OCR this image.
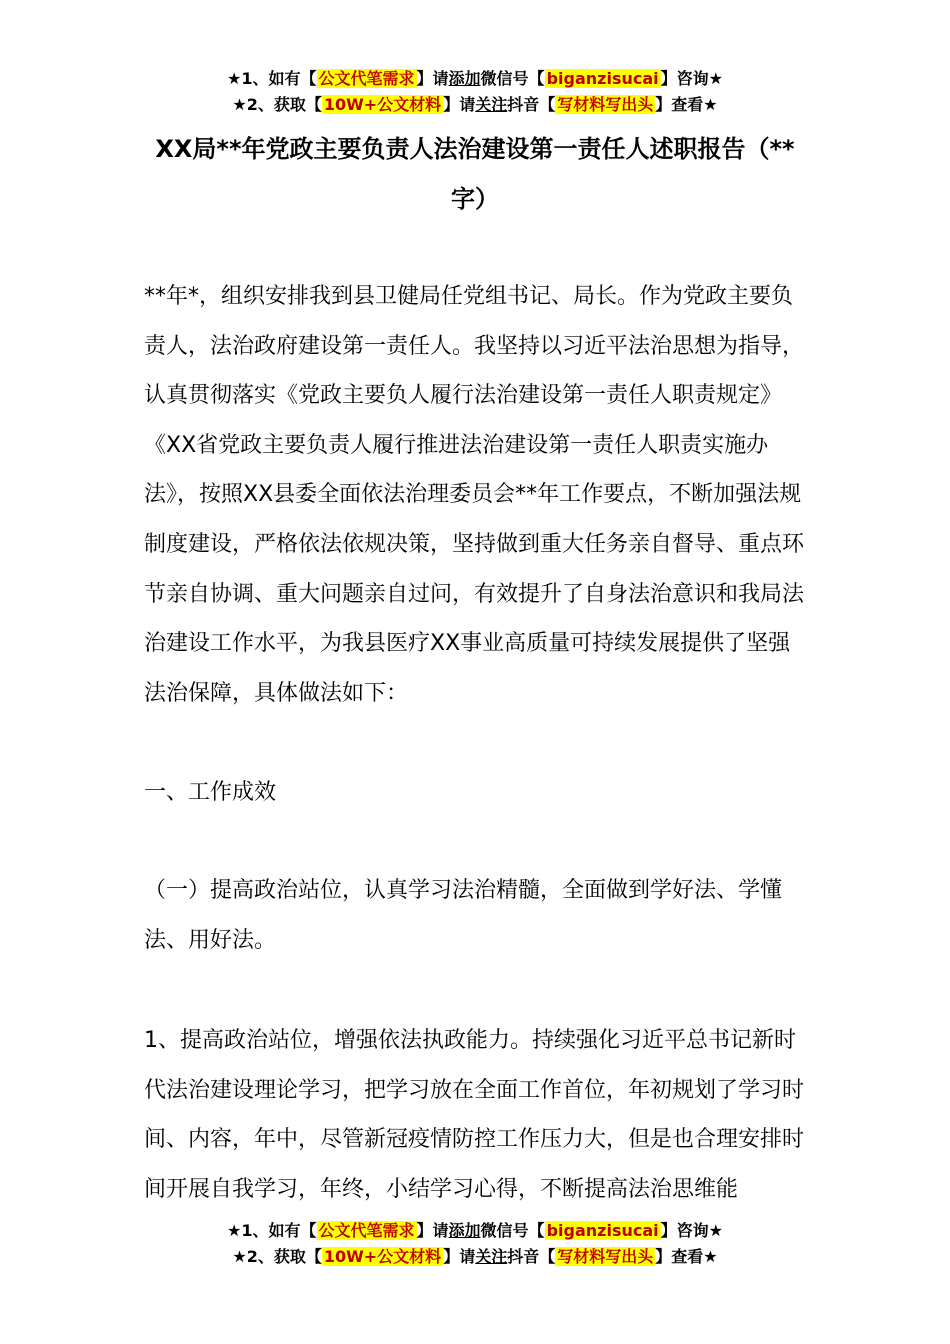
★1、如有【 公文代笔需求 】请添加微信号【 biganzisucai 】咨询★
★2、获取【 10W+公文材料 】请关注抖音【 写材料写出头 】查看★
XX局**年党政主要负责人法治建设第一责任人述职报告（**字）

**年*，组织安排我到县卫健局任党组书记、局长。作为党政主要负责人，法治政府建设第一责任人。我坚持以习近平法治思想为指导，认真贯彻落实《党政主要负人履行法治建设第一责任人职责规定》《XX省党政主要负责人履行推进法治建设第一责任人职责实施办法》，按照XX县委全面依法治理委员会**年工作要点，不断加强法规制度建设，严格依法依规决策，坚持做到重大任务亲自督导、重点环节亲自协调、重大问题亲自过问，有效提升了自身法治意识和我局法治建设工作水平，为我县医疗XX事业高质量可持续发展提供了坚强法治保障，具体做法如下：

一、工作成效

（一）提高政治站位，认真学习法治精髓，全面做到学好法、学懂法、用好法。

1、提高政治站位，增强依法执政能力。持续强化习近平总书记新时代法治建设理论学习，把学习放在全面工作首位，年初规划了学习时间、内容，年中，尽管新冠疫情防控工作压力大，但是也合理安排时间开展自我学习，年终，小结学习心得，不断提高法治思维能

★1、如有【 公文代笔需求 】请添加微信号【 biganzisucai 】咨询★
★2、获取【 10W+公文材料 】请关注抖音【 写材料写出头 】查看★
